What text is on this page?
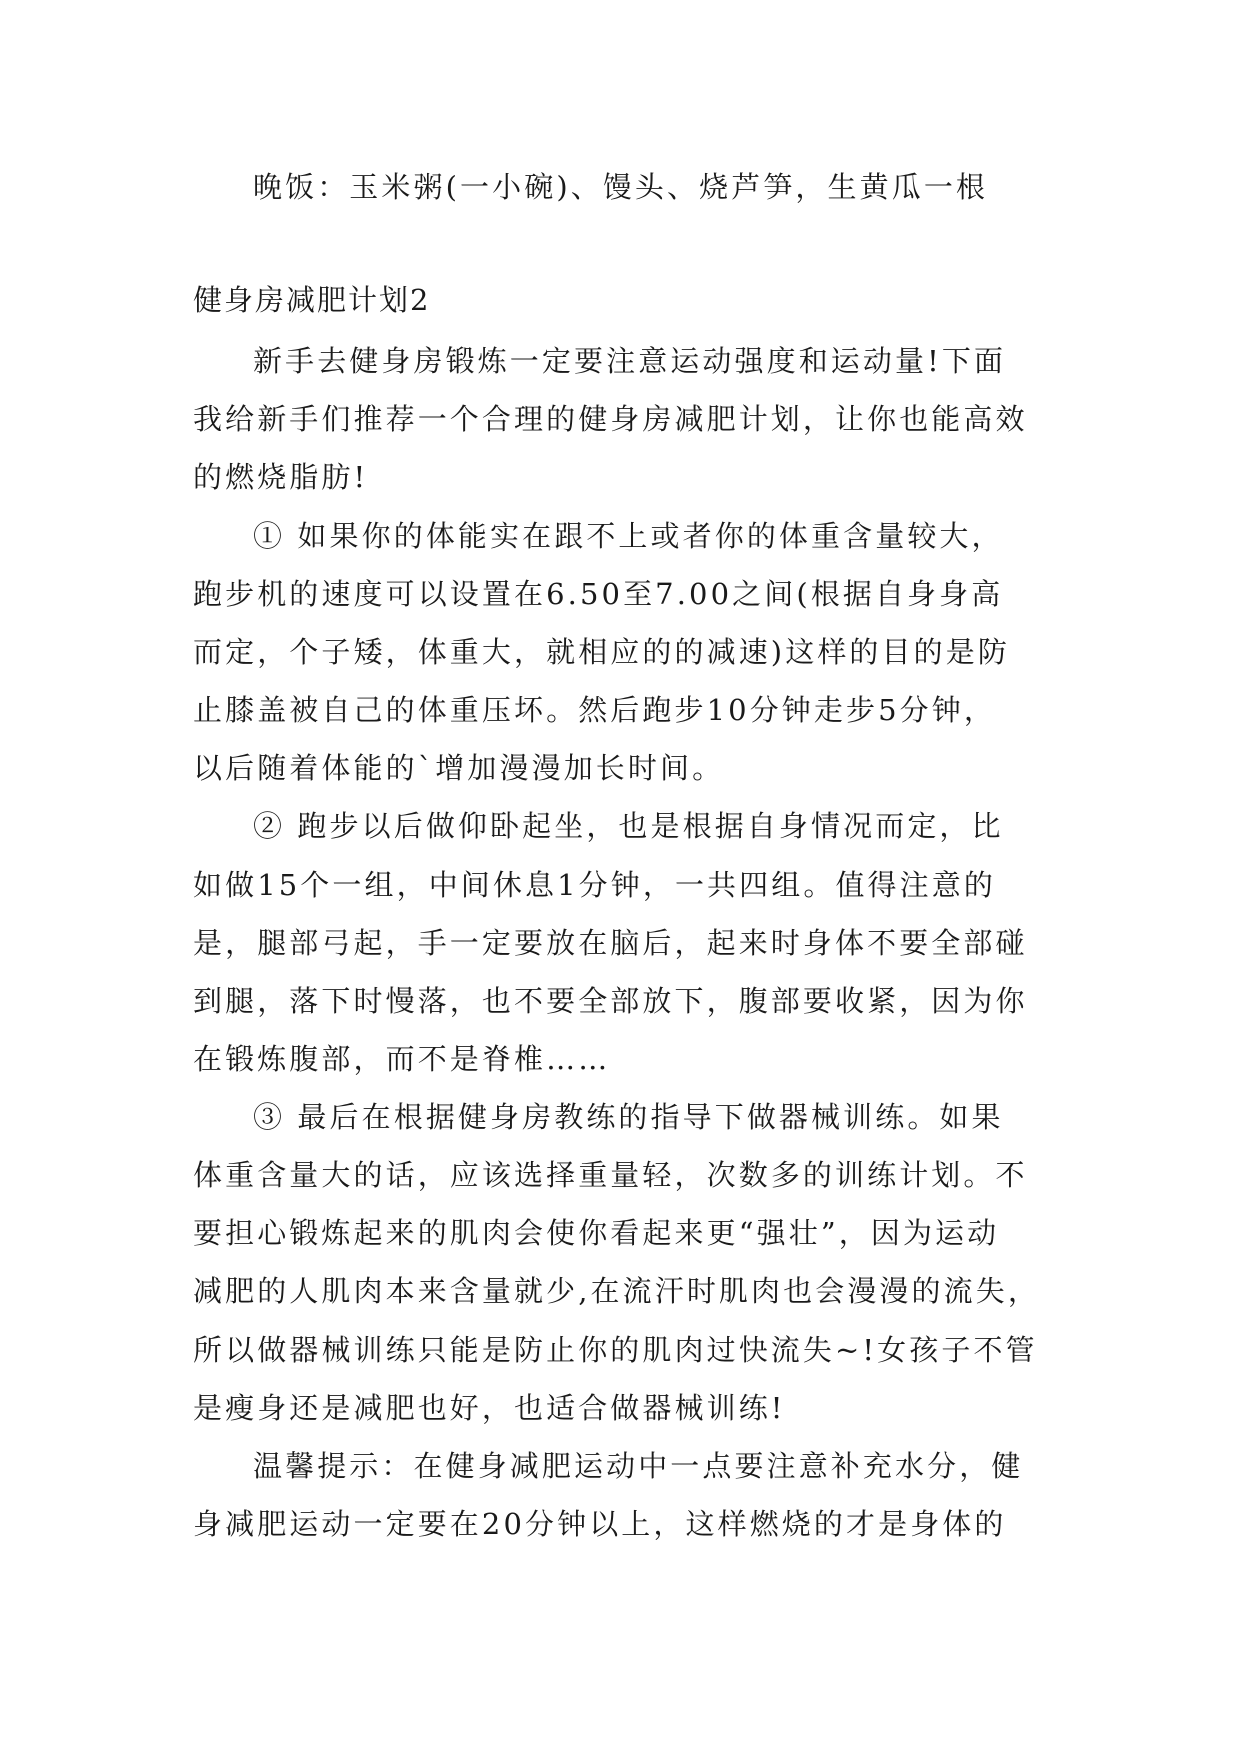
晚饭：玉米粥(一小碗)、馒头、烧芦笋，生黄瓜一根
健身房减肥计划2
新手去健身房锻炼一定要注意运动强度和运动量!下面
我给新手们推荐一个合理的健身房减肥计划，让你也能高效
的燃烧脂肪!
① 如果你的体能实在跟不上或者你的体重含量较大，
跑步机的速度可以设置在6.50至7.00之间(根据自身身高
而定，个子矮，体重大，就相应的的减速)这样的目的是防
止膝盖被自己的体重压坏。然后跑步10分钟走步5分钟，
以后随着体能的`增加漫漫加长时间。
② 跑步以后做仰卧起坐，也是根据自身情况而定，比
如做15个一组，中间休息1分钟，一共四组。值得注意的
是，腿部弓起，手一定要放在脑后，起来时身体不要全部碰
到腿，落下时慢落，也不要全部放下，腹部要收紧，因为你
在锻炼腹部，而不是脊椎……
③ 最后在根据健身房教练的指导下做器械训练。如果
体重含量大的话，应该选择重量轻，次数多的训练计划。不
要担心锻炼起来的肌肉会使你看起来更“强壮”，因为运动
减肥的人肌肉本来含量就少,在流汗时肌肉也会漫漫的流失，
所以做器械训练只能是防止你的肌肉过快流失~!女孩子不管
是瘦身还是减肥也好，也适合做器械训练!
温馨提示：在健身减肥运动中一点要注意补充水分，健
身减肥运动一定要在20分钟以上，这样燃烧的才是身体的
